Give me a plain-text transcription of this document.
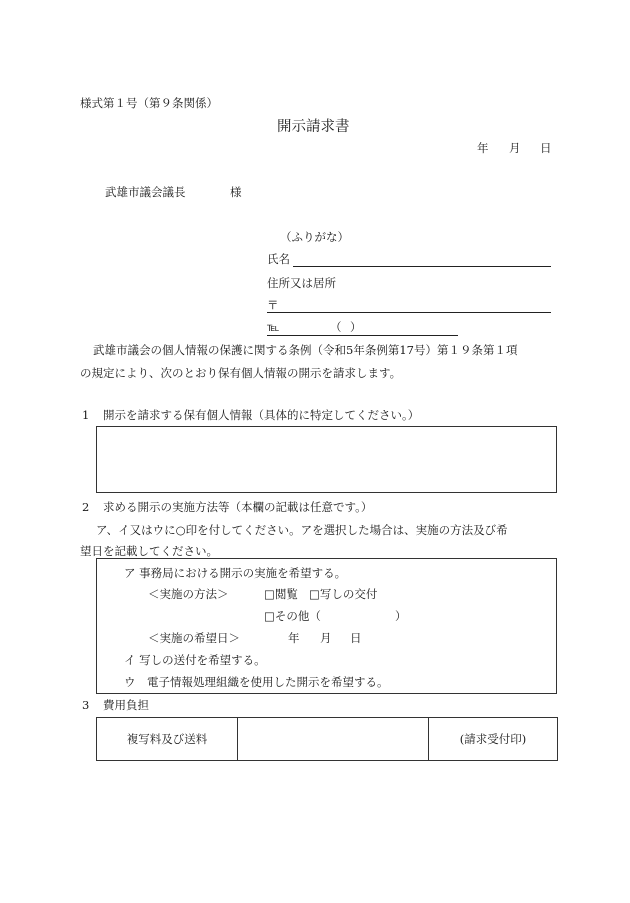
様式第１号（第９条関係）
開示請求書
年 月 日
武雄市議会議長	様
（ふりがな）
氏名
住所又は居所
〒
℡	（ ）
武雄市議会の個人情報の保護に関する条例（令和5年条例第17号）第１９条第１項
の規定により、次のとおり保有個人情報の開示を請求します。
1 開示を請求する保有個人情報（具体的に特定してください。）
2 求める開示の実施方法等（本欄の記載は任意です。）
ア、イ又はウに○印を付してください。アを選択した場合は、実施の方法及び希
望日を記載してください。
ア 事務局における開示の実施を希望する。
＜実施の方法＞	□閲覧 □写しの交付
□その他（	）
＜実施の希望日＞	年 月 日
イ 写しの送付を希望する。
ウ　電子情報処理組織を使用した開示を希望する。
3 費用負担
複写料及び送料	(請求受付印)
